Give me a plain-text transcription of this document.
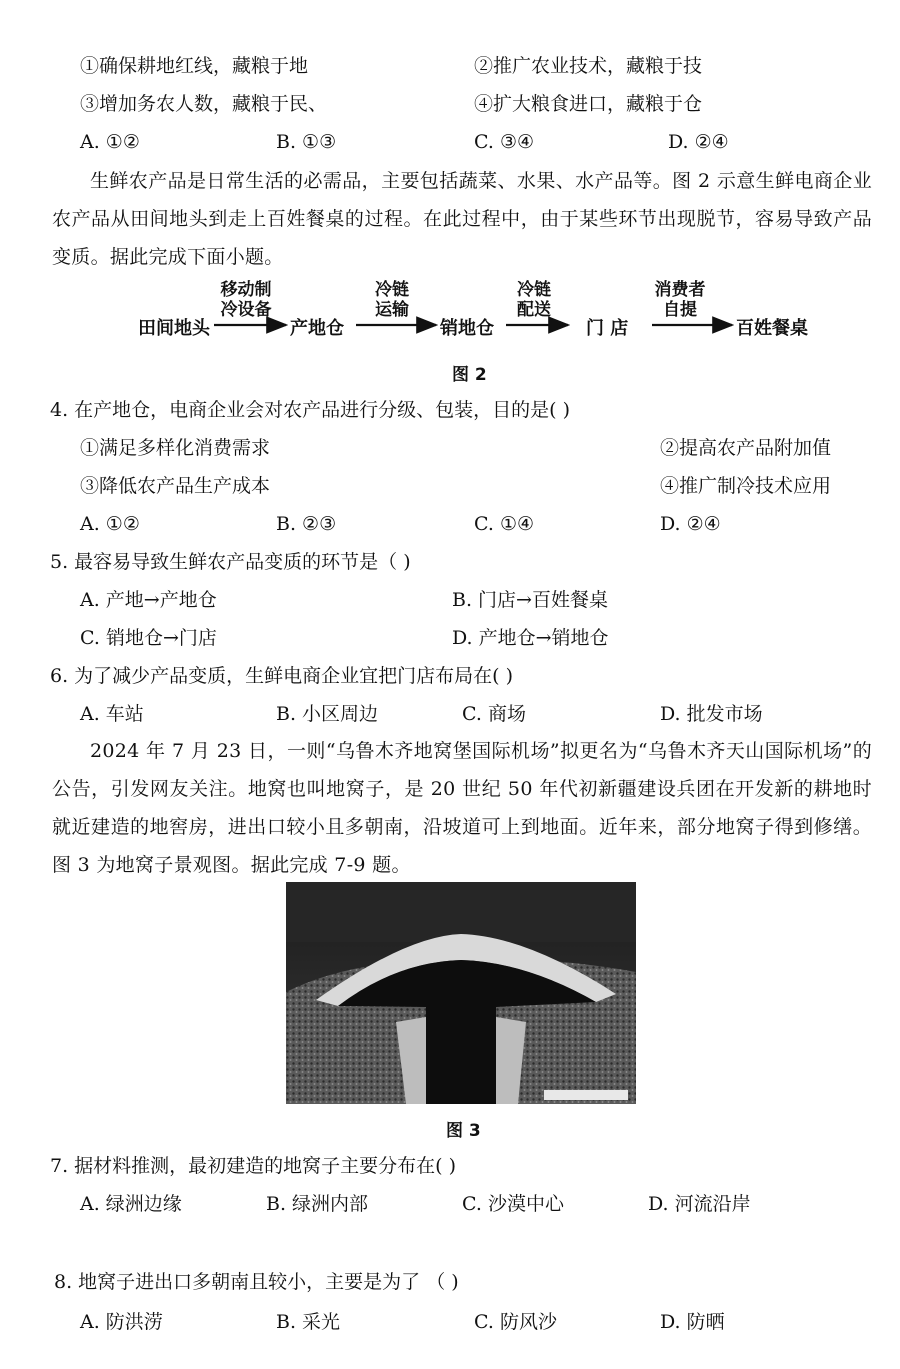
①确保耕地红线，藏粮于地	②推广农业技术，藏粮于技
③增加务农人数，藏粮于民、	④扩大粮食进口，藏粮于仓
A. ①②	B. ①③	C. ③④	D. ②④
生鲜农产品是日常生活的必需品，主要包括蔬菜、水果、水产品等。图 2 示意生鲜电商企业农产品从田间地头到走上百姓餐桌的过程。在此过程中，由于某些环节出现脱节，容易导致产品变质。据此完成下面小题。
移动制
冷设备
冷链
运输
冷链
配送
消费者
自提
田间地头	产地仓	销地仓	门 店	百姓餐桌
图 2
4. 在产地仓，电商企业会对农产品进行分级、包装，目的是( )
①满足多样化消费需求	②提高农产品附加值
③降低农产品生产成本	④推广制冷技术应用
A. ①②	B. ②③	C. ①④	D. ②④
5. 最容易导致生鲜农产品变质的环节是（ )
A. 产地→产地仓	B. 门店→百姓餐桌
C. 销地仓→门店	D. 产地仓→销地仓
6. 为了减少产品变质，生鲜电商企业宜把门店布局在( )
A. 车站	B. 小区周边	C. 商场	D. 批发市场
2024 年 7 月 23 日，一则“乌鲁木齐地窝堡国际机场”拟更名为“乌鲁木齐天山国际机场”的公告，引发网友关注。地窝也叫地窝子，是 20 世纪 50 年代初新疆建设兵团在开发新的耕地时就近建造的地窖房，进出口较小且多朝南，沿坡道可上到地面。近年来，部分地窝子得到修缮。图 3 为地窝子景观图。据此完成 7-9 题。
图 3
7. 据材料推测，最初建造的地窝子主要分布在( )
A. 绿洲边缘	B. 绿洲内部	C. 沙漠中心	D. 河流沿岸
8. 地窝子进出口多朝南且较小，主要是为了 （ )
A. 防洪涝	B. 采光	C. 防风沙	D. 防晒
